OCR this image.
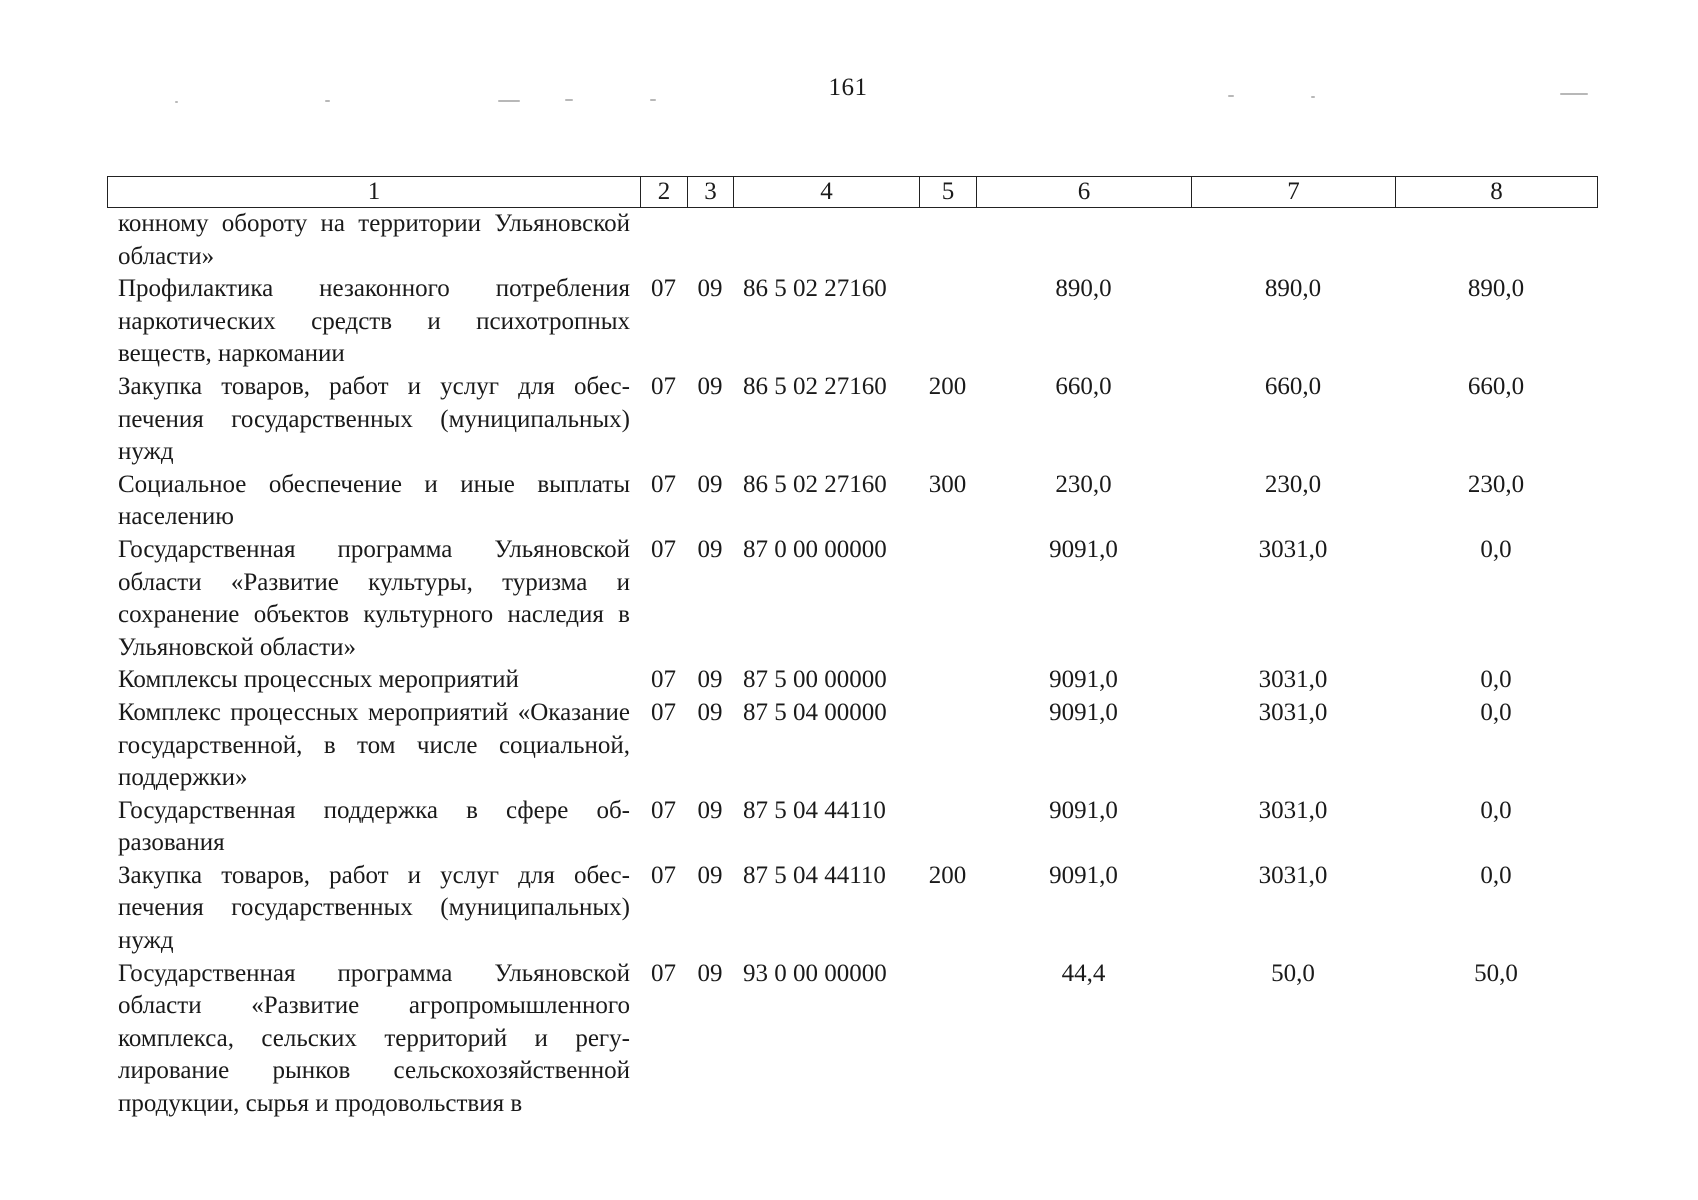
161
1	2	3	4	5	6	7	8
конному обороту на территории Ульяновской области»							
Профилактика незаконного потребления наркотических средств и психотропных веществ, наркомании	07	09	86 5 02 27160		890,0	890,0	890,0
Закупка товаров, работ и услуг для обеспечения государственных (муниципальных) нужд	07	09	86 5 02 27160	200	660,0	660,0	660,0
Социальное обеспечение и иные выплаты населению	07	09	86 5 02 27160	300	230,0	230,0	230,0
Государственная программа Ульяновской области «Развитие культуры, туризма и сохранение объектов культурного наследия в Ульяновской области»	07	09	87 0 00 00000		9091,0	3031,0	0,0
Комплексы процессных мероприятий	07	09	87 5 00 00000		9091,0	3031,0	0,0
Комплекс процессных мероприятий «Оказание государственной, в том числе социальной, поддержки»	07	09	87 5 04 00000		9091,0	3031,0	0,0
Государственная поддержка в сфере образования	07	09	87 5 04 44110		9091,0	3031,0	0,0
Закупка товаров, работ и услуг для обеспечения государственных (муниципальных) нужд	07	09	87 5 04 44110	200	9091,0	3031,0	0,0
Государственная программа Ульяновской области «Развитие агропромышленного комплекса, сельских территорий и регулирование рынков сельскохозяйственной продукции, сырья и продовольствия в	07	09	93 0 00 00000		44,4	50,0	50,0
